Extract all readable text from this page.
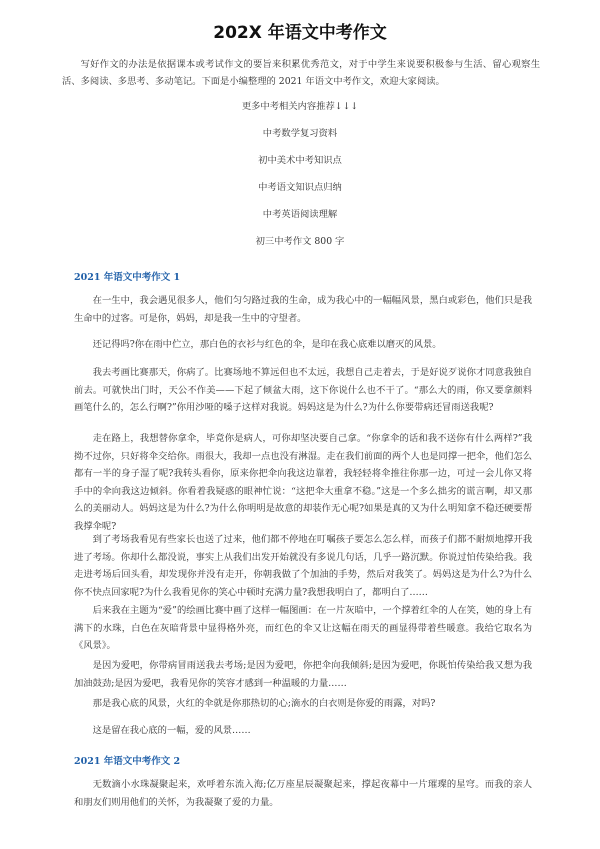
202X 年语文中考作文

写好作文的办法是依据课本或考试作文的要旨来积累优秀范文，对于中学生来说要积极参与生活、留心观察生活、多阅读、多思考、多动笔记。下面是小编整理的 2021 年语文中考作文，欢迎大家阅读。

更多中考相关内容推荐↓↓↓
中考数学复习资料
初中美术中考知识点
中考语文知识点归纳
中考英语阅读理解
初三中考作文 800 字
2021 年语文中考作文 1

在一生中，我会遇见很多人，他们匀匀路过我的生命，成为我心中的一幅幅风景，黑白或彩色，他们只是我生命中的过客。可是你，妈妈，却是我一生中的守望者。

还记得吗?你在雨中伫立，那白色的衣衫与红色的伞，是印在我心底难以磨灭的风景。

我去考画比赛那天，你病了。比赛场地不算远但也不太远，我想自己走着去，于是好说歹说你才同意我独自前去。可就快出门时，天公不作美——下起了倾盆大雨，这下你说什么也不干了。“那么大的雨，你又要拿颜料画笔什么的，怎么行啊?”你用沙哑的嗓子这样对我说。妈妈这是为什么?为什么你要带病还冒雨送我呢?

走在路上，我想替你拿伞，毕竟你是病人，可你却坚决要自己拿。“你拿伞的话和我不送你有什么两样?”我拗不过你，只好将伞交给你。雨很大，我却一点也没有淋湿。走在我们前面的两个人也是同撑一把伞，他们怎么都有一半的身子湿了呢?我转头看你，原来你把伞向我这边靠着，我轻轻将伞推往你那一边，可过一会儿你又将手中的伞向我这边倾斜。你看着我疑惑的眼神忙说：“这把伞大重拿不稳。”这是一个多么拙劣的谎言啊，却又那么的美丽动人。妈妈这是为什么?为什么你明明是故意的却装作无心呢?如果是真的又为什么明知拿不稳还硬要帮我撑伞呢?

到了考场我看见有些家长也送了过来，他们都不停地在叮嘱孩子要怎么怎么样，而孩子们都不耐烦地撑开我进了考场。你却什么都没说，事实上从我们出发开始就没有多说几句话，几乎一路沉默。你说过怕传染给我。我走进考场后回头看，却发现你并没有走开，你朝我做了个加油的手势，然后对我笑了。妈妈这是为什么?为什么你不快点回家呢?为什么我看见你的笑心中顿时充满力量?我想我明白了，都明白了……

后来我在主题为“爱”的绘画比赛中画了这样一幅图画：在一片灰暗中，一个撑着红伞的人在笑，她的身上有满下的水珠，白色在灰暗背景中显得格外亮，而红色的伞又让这幅在雨天的画显得带着些暖意。我给它取名为《风景》。

是因为爱吧，你带病冒雨送我去考场;是因为爱吧，你把伞向我倾斜;是因为爱吧，你既怕传染给我又想为我加油鼓劲;是因为爱吧，我看见你的笑容才感到一种温暖的力量……

那是我心底的风景，火红的伞就是你那热切的心;滴水的白衣则是你爱的雨露，对吗?

这是留在我心底的一幅，爱的风景……

2021 年语文中考作文 2

无数滴小水珠凝聚起来，欢呼着东流入海;亿万座星辰凝聚起来，撑起夜幕中一片璀璨的星穹。而我的亲人和朋友们则用他们的关怀，为我凝聚了爱的力量。
